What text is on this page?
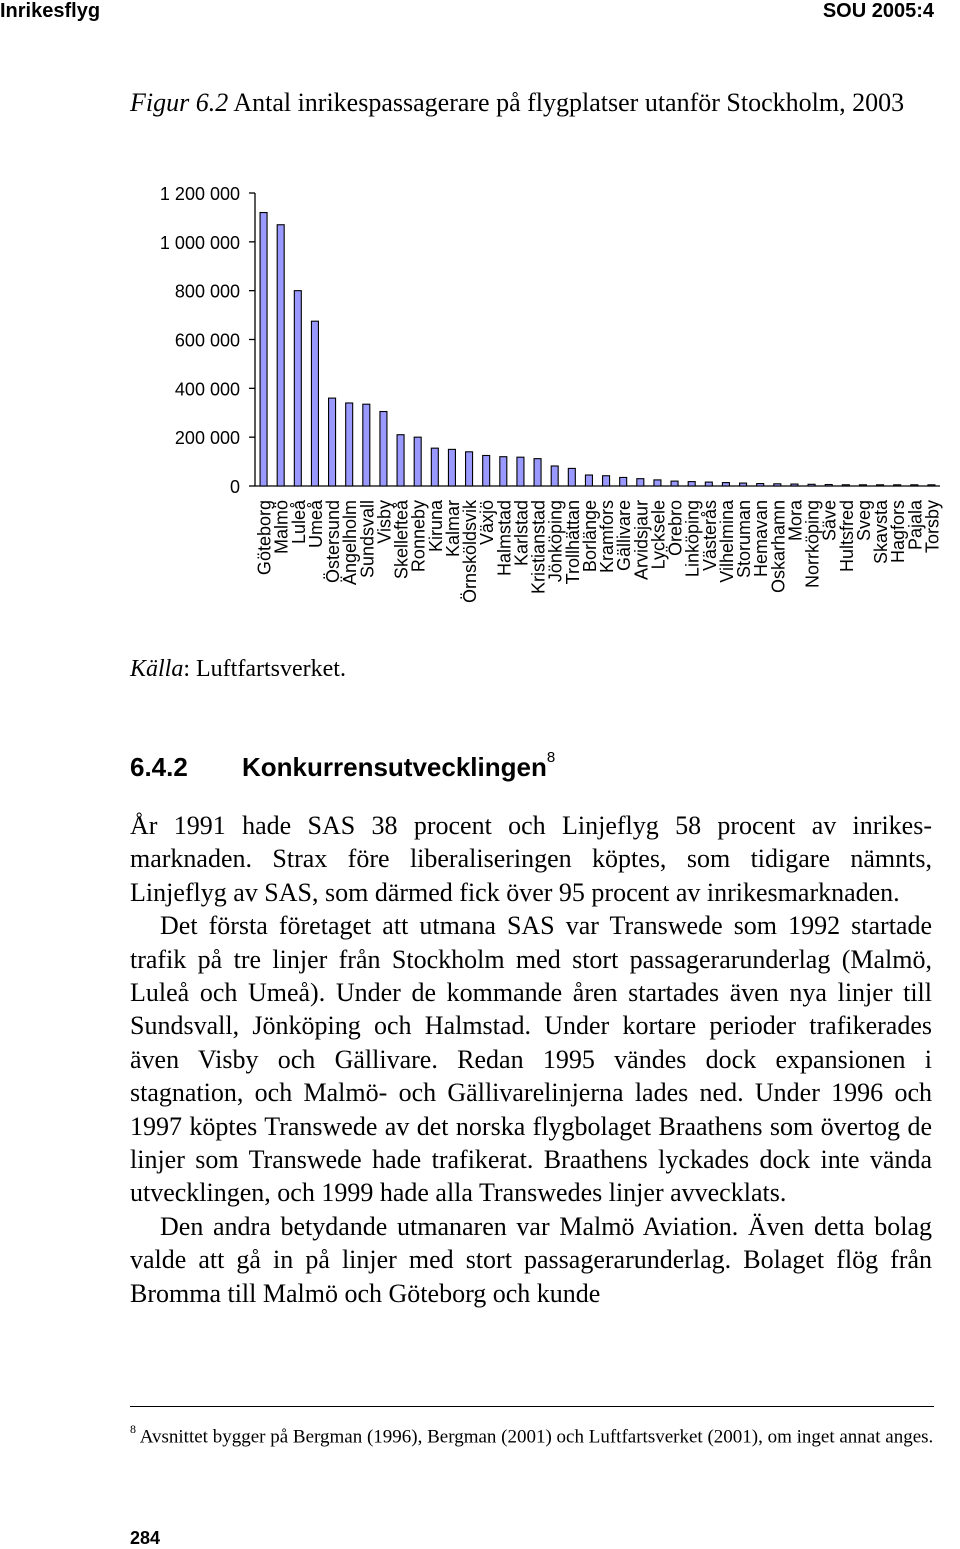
Inrikesflyg	SOU 2005:4
Figur 6.2 Antal inrikespassagerare på flygplatser utanför Stockholm, 2003
0
200 000
400 000
600 000
800 000
1 000 000
1 200 000
Göteborg
Malmö
Luleå
Umeå
Östersund
Ängelholm
Sundsvall
Visby
Skellefteå
Ronneby
Kiruna
Kalmar
Örnsköldsvik
Växjö
Halmstad
Karlstad
Kristianstad
Jönköping
Trollhättan
Borlänge
Kramfors
Gällivare
Arvidsjaur
Lycksele
Örebro
Linköping
Västerås
Vilhelmina
Storuman
Hemavan
Oskarhamn
Mora
Norrköping
Säve
Hultsfred
Sveg
Skavsta
Hagfors
Pajala
Torsby
Källa: Luftfartsverket.
6.4.2 Konkurrensutvecklingen$^8$

År 1991 hade SAS 38 procent och Linjeflyg 58 procent av inrikesmarknaden. Strax före liberaliseringen köptes, som tidigare nämnts, Linjeflyg av SAS, som därmed fick över 95 procent av inrikesmarknaden.

Det första företaget att utmana SAS var Transwede som 1992 startade trafik på tre linjer från Stockholm med stort passagerarunderlag (Malmö, Luleå och Umeå). Under de kommande åren startades även nya linjer till Sundsvall, Jönköping och Halmstad. Under kortare perioder trafikerades även Visby och Gällivare. Redan 1995 vändes dock expansionen i stagnation, och Malmö- och Gällivarelinjerna lades ned. Under 1996 och 1997 köptes Transwede av det norska flygbolaget Braathens som övertog de linjer som Transwede hade trafikerat. Braathens lyckades dock inte vända utvecklingen, och 1999 hade alla Transwedes linjer avvecklats.

Den andra betydande utmanaren var Malmö Aviation. Även detta bolag valde att gå in på linjer med stort passagerarunderlag. Bolaget flög från Bromma till Malmö och Göteborg och kunde

$^8$ Avsnittet bygger på Bergman (1996), Bergman (2001) och Luftfartsverket (2001), om inget annat anges.
284
